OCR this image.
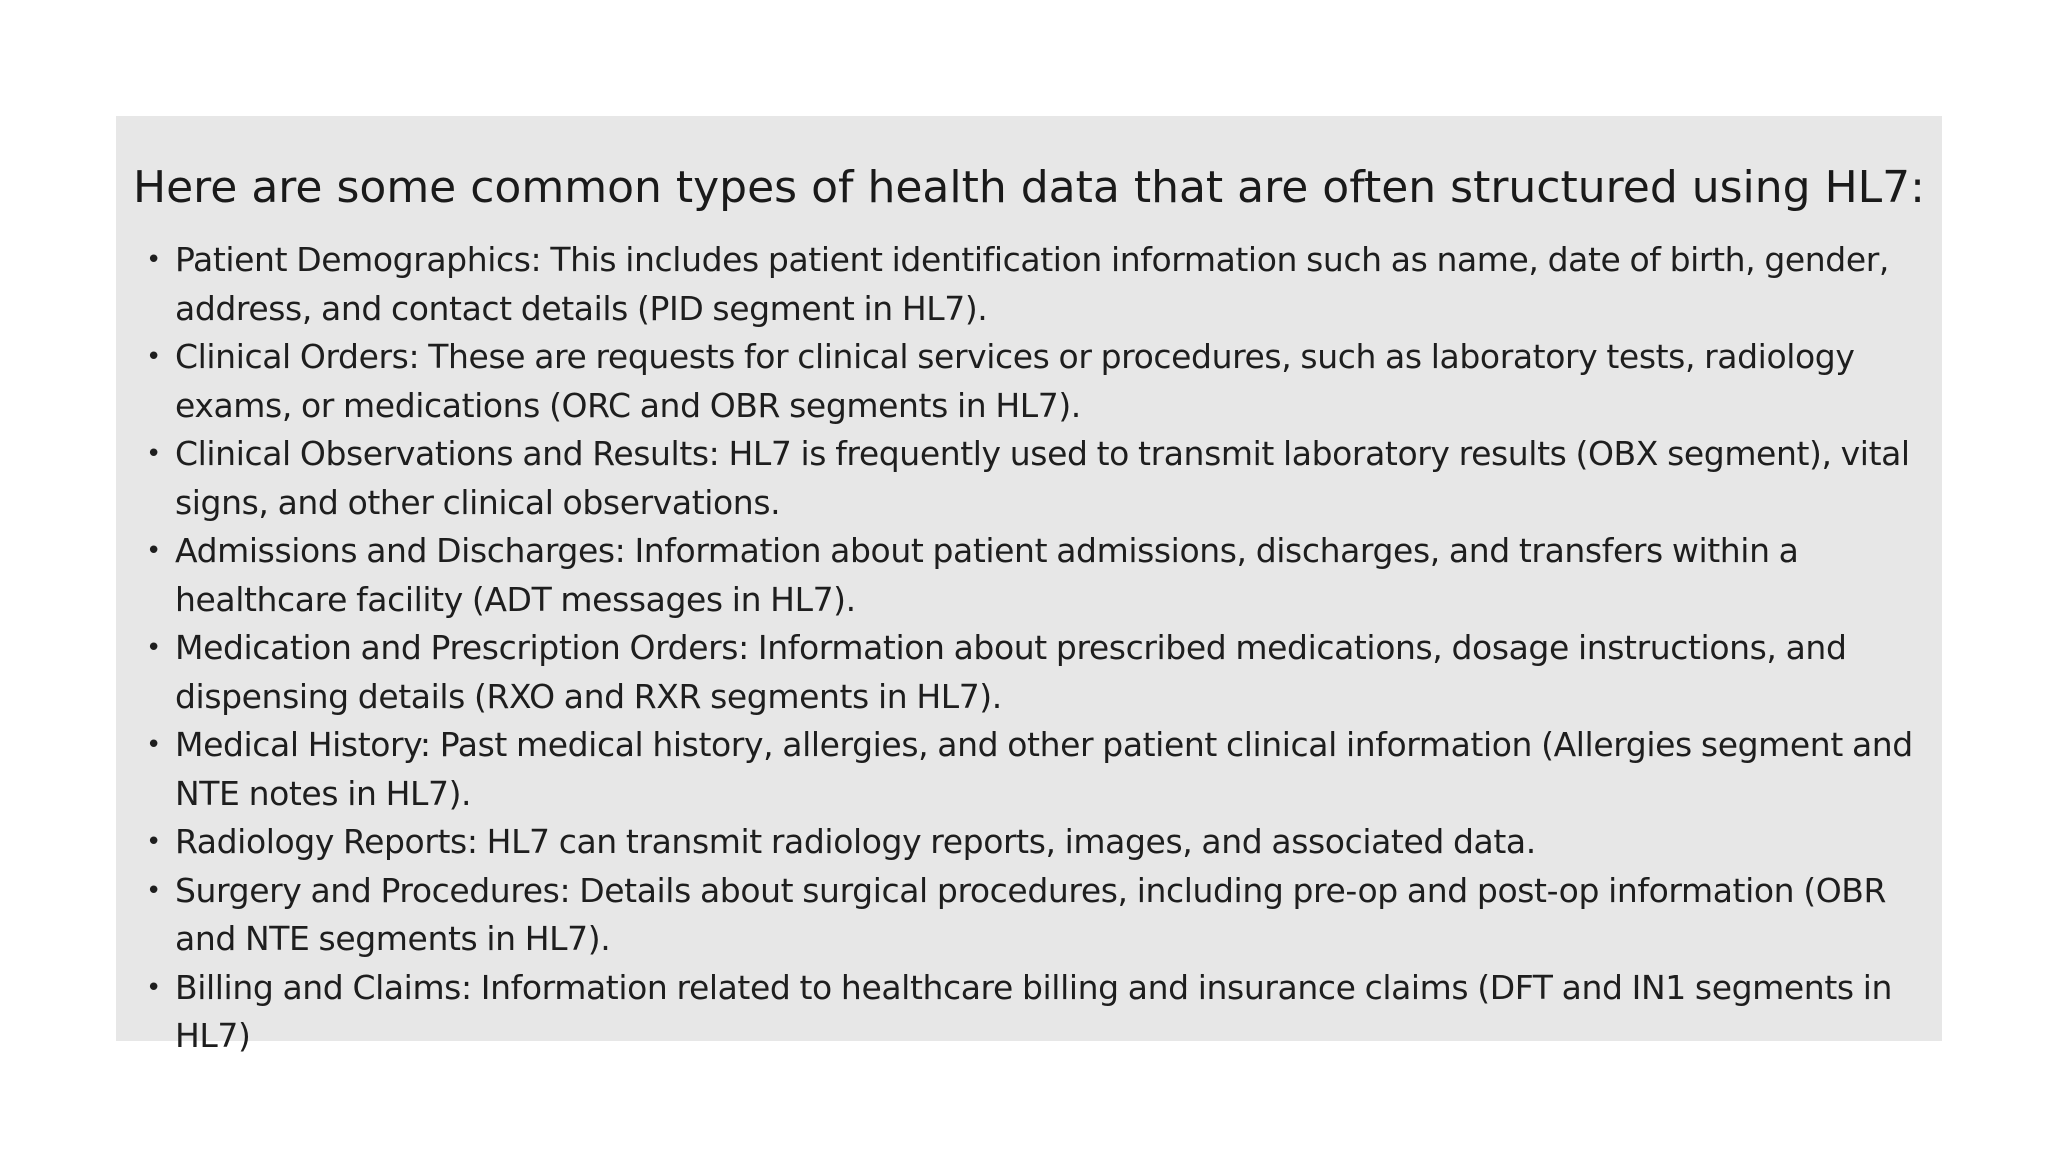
Here are some common types of health data that are often structured using HL7:
• Patient Demographics: This includes patient identification information such as name, date of birth, gender, address, and contact details (PID segment in HL7).
• Clinical Orders: These are requests for clinical services or procedures, such as laboratory tests, radiology exams, or medications (ORC and OBR segments in HL7).
• Clinical Observations and Results: HL7 is frequently used to transmit laboratory results (OBX segment), vital signs, and other clinical observations.
• Admissions and Discharges: Information about patient admissions, discharges, and transfers within a healthcare facility (ADT messages in HL7).
• Medication and Prescription Orders: Information about prescribed medications, dosage instructions, and dispensing details (RXO and RXR segments in HL7).
• Medical History: Past medical history, allergies, and other patient clinical information (Allergies segment and NTE notes in HL7).
• Radiology Reports: HL7 can transmit radiology reports, images, and associated data.
• Surgery and Procedures: Details about surgical procedures, including pre-op and post-op information (OBR and NTE segments in HL7).
• Billing and Claims: Information related to healthcare billing and insurance claims (DFT and IN1 segments in HL7)
